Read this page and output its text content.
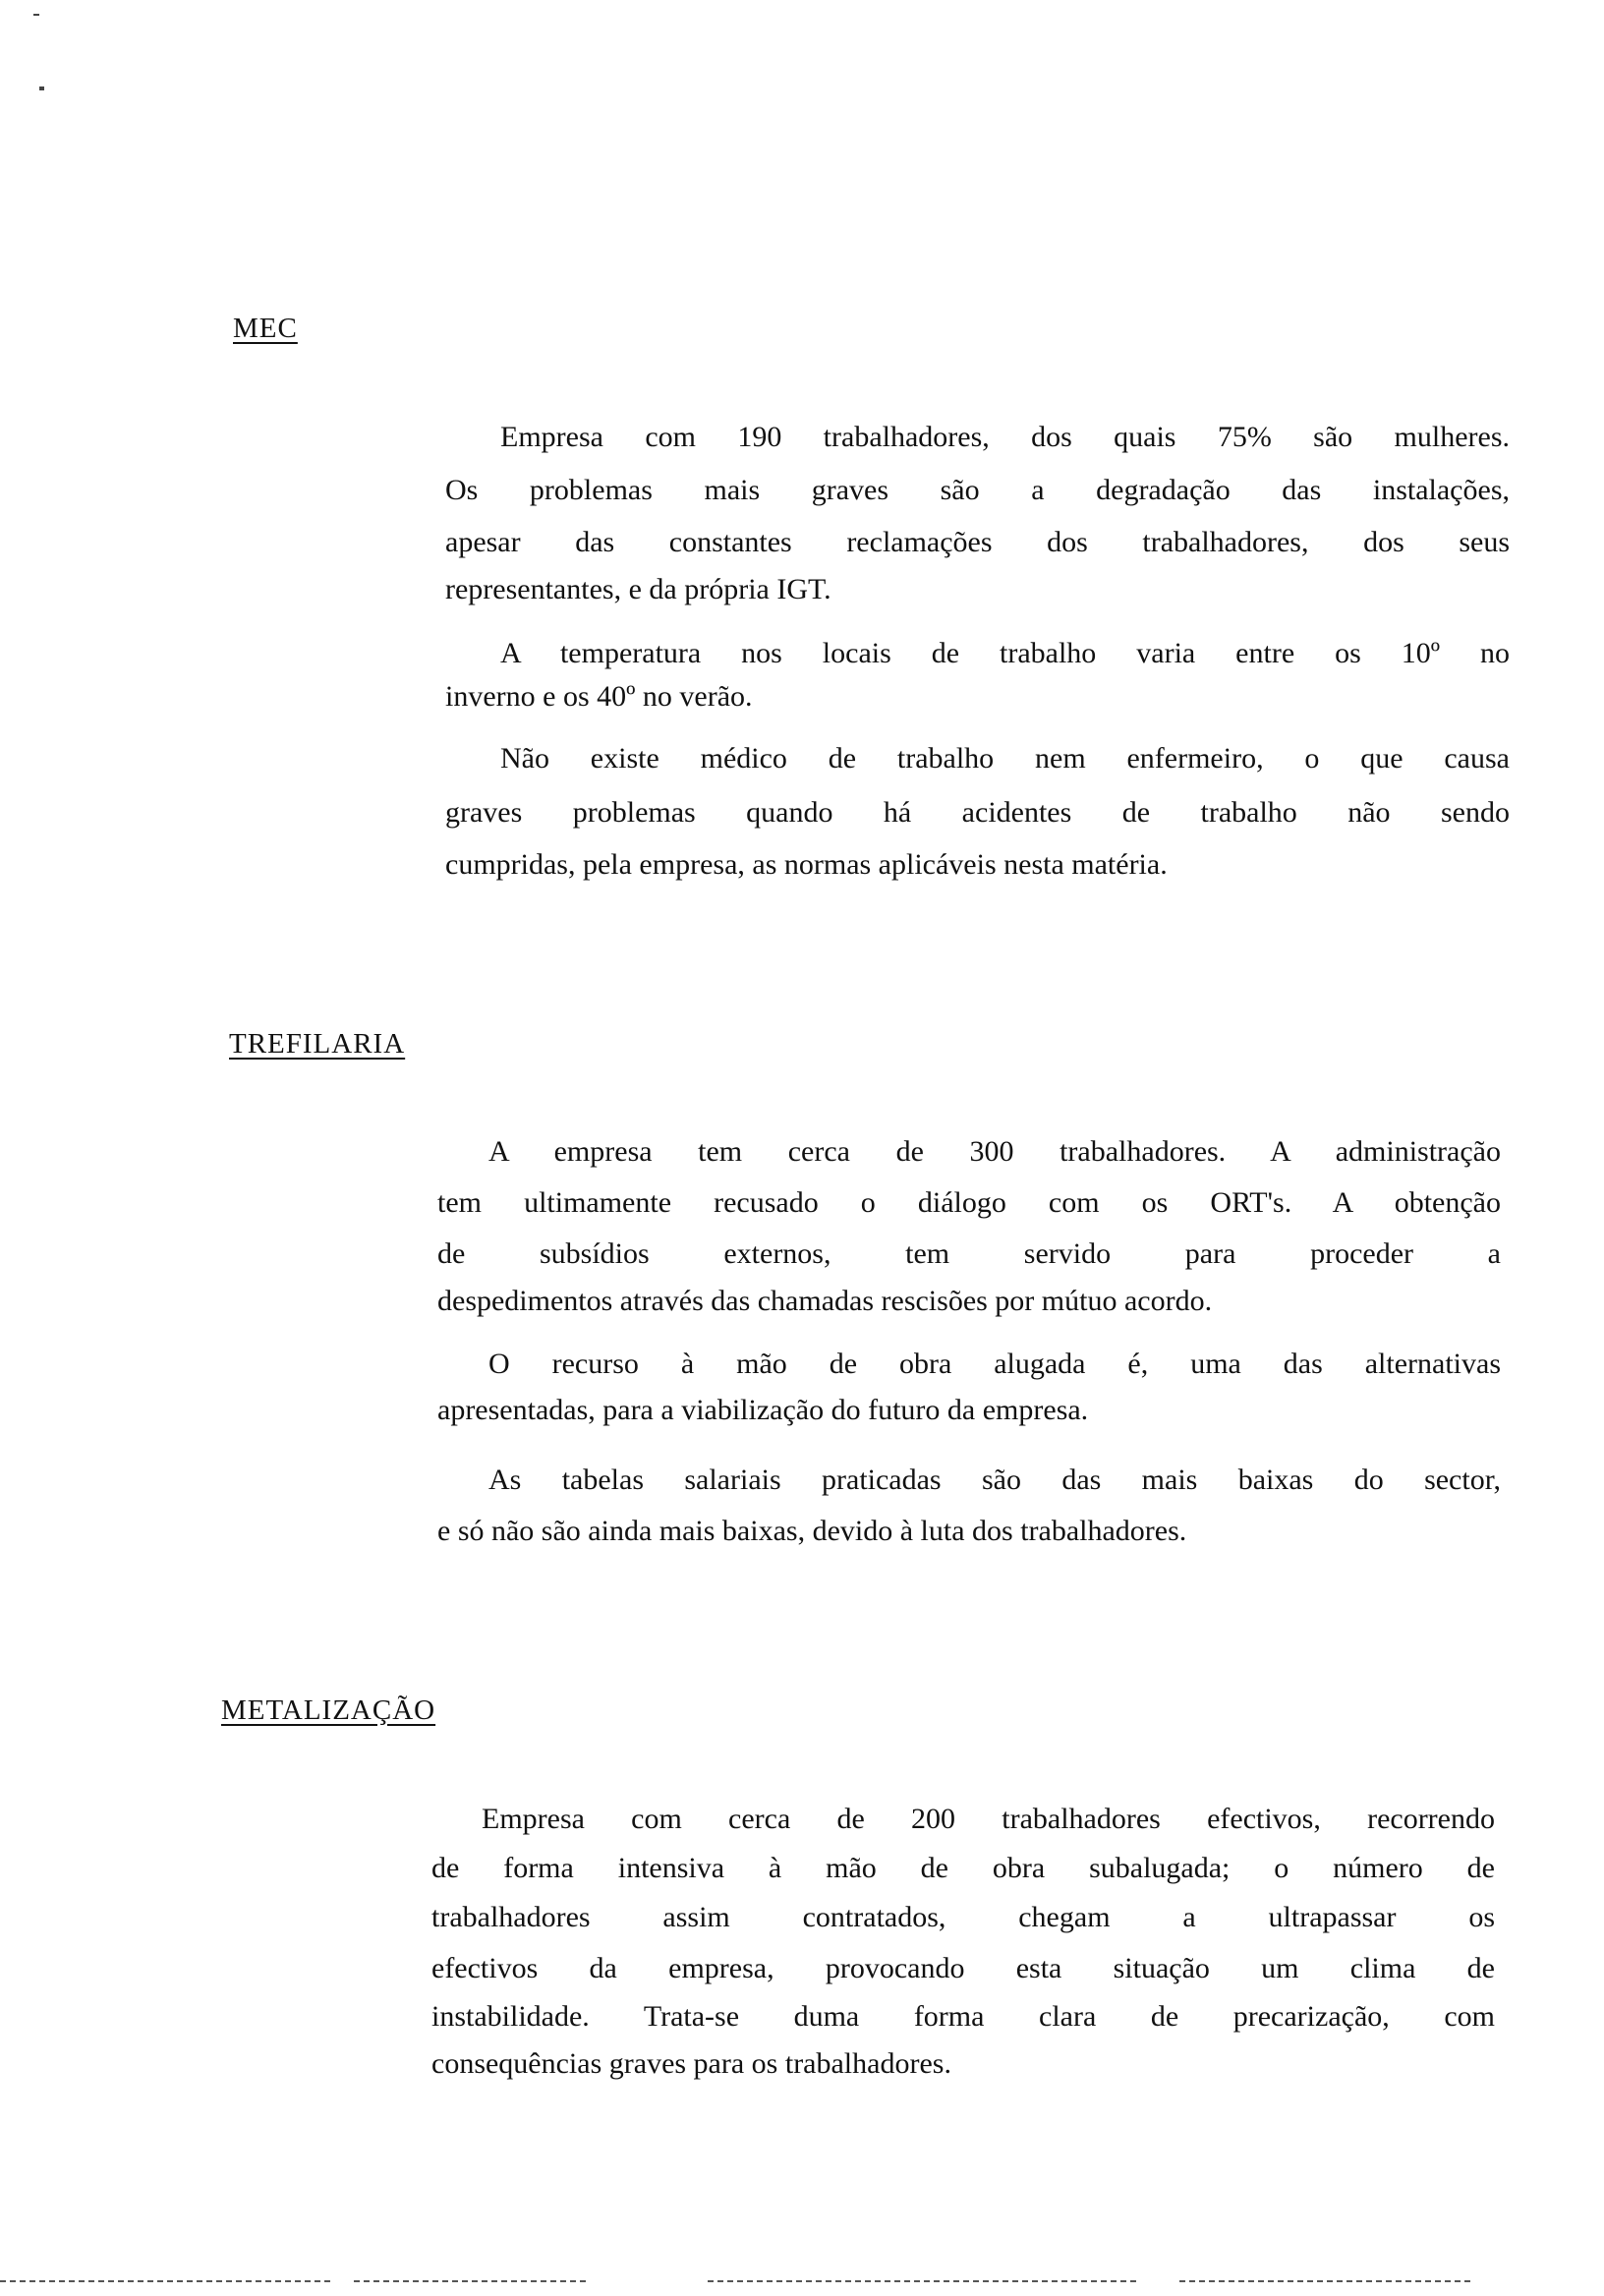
MEC
Empresa com 190 trabalhadores, dos quais 75% são mulheres.
Os problemas mais graves são a degradação das instalações,
apesar das constantes reclamações dos trabalhadores, dos seus
representantes, e da própria IGT.
A temperatura nos locais de trabalho varia entre os 10º no
inverno e os 40º no verão.
Não existe médico de trabalho nem enfermeiro, o que causa
graves problemas quando há acidentes de trabalho não sendo
cumpridas, pela empresa, as normas aplicáveis nesta matéria.
TREFILARIA
A empresa tem cerca de 300 trabalhadores. A administração
tem ultimamente recusado o diálogo com os ORT's. A obtenção
de subsídios externos, tem servido para proceder a
despedimentos através das chamadas rescisões por mútuo acordo.
O recurso à mão de obra alugada é, uma das alternativas
apresentadas, para a viabilização do futuro da empresa.
As tabelas salariais praticadas são das mais baixas do sector,
e só não são ainda mais baixas, devido à luta dos trabalhadores.
METALIZAÇÃO
Empresa com cerca de 200 trabalhadores efectivos, recorrendo
de forma intensiva à mão de obra subalugada; o número de
trabalhadores assim contratados, chegam a ultrapassar os
efectivos da empresa, provocando esta situação um clima de
instabilidade. Trata-se duma forma clara de precarização, com
consequências graves para os trabalhadores.
